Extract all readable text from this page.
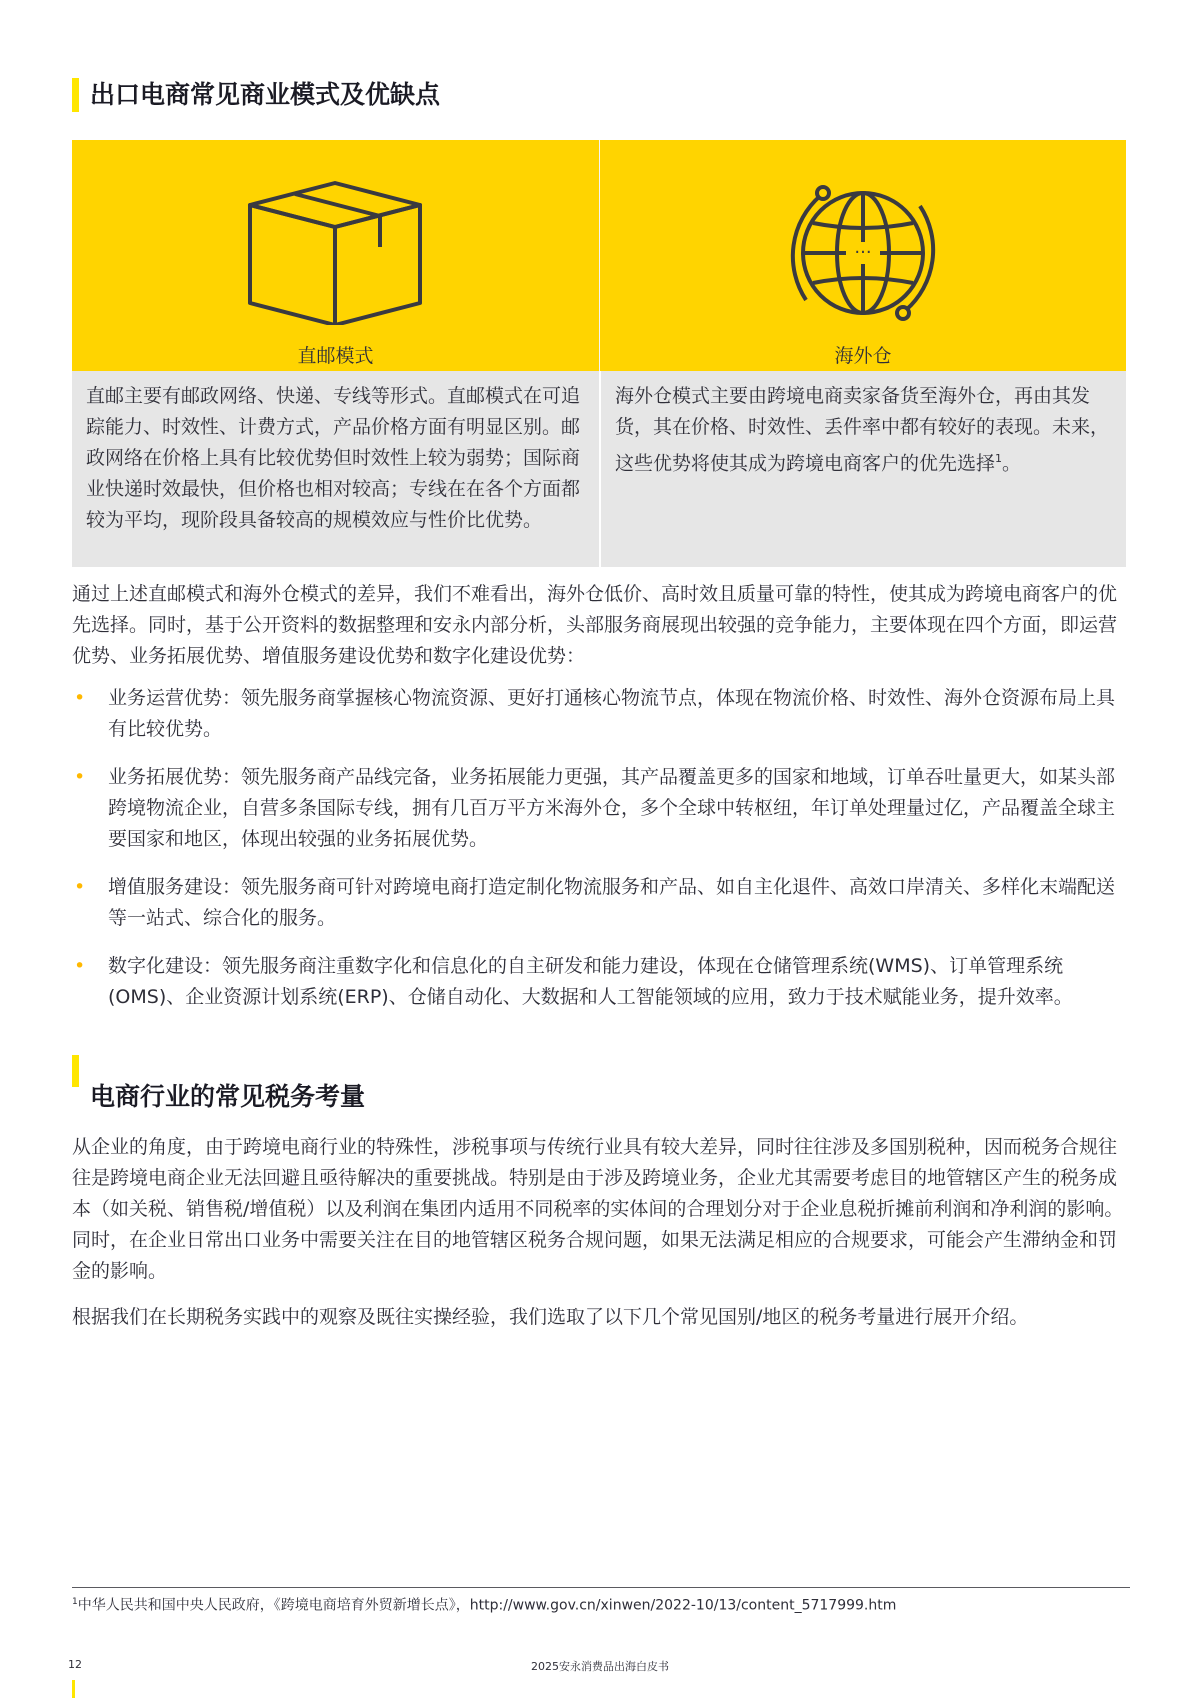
出口电商常见商业模式及优缺点
直邮模式
···
海外仓
直邮主要有邮政网络、快递、专线等形式。直邮模式在可追踪能力、时效性、计费方式，产品价格方面有明显区别。邮政网络在价格上具有比较优势但时效性上较为弱势；国际商业快递时效最快，但价格也相对较高；专线在在各个方面都较为平均，现阶段具备较高的规模效应与性价比优势。
海外仓模式主要由跨境电商卖家备货至海外仓，再由其发货，其在价格、时效性、丢件率中都有较好的表现。未来，这些优势将使其成为跨境电商客户的优先选择$^1$。

通过上述直邮模式和海外仓模式的差异，我们不难看出，海外仓低价、高时效且质量可靠的特性，使其成为跨境电商客户的优先选择。同时，基于公开资料的数据整理和安永内部分析，头部服务商展现出较强的竞争能力，主要体现在四个方面，即运营优势、业务拓展优势、增值服务建设优势和数字化建设优势：

• 业务运营优势：领先服务商掌握核心物流资源、更好打通核心物流节点，体现在物流价格、时效性、海外仓资源布局上具有比较优势。
• 业务拓展优势：领先服务商产品线完备，业务拓展能力更强，其产品覆盖更多的国家和地域，订单吞吐量更大，如某头部跨境物流企业，自营多条国际专线，拥有几百万平方米海外仓，多个全球中转枢纽，年订单处理量过亿，产品覆盖全球主要国家和地区，体现出较强的业务拓展优势。
• 增值服务建设：领先服务商可针对跨境电商打造定制化物流服务和产品、如自主化退件、高效口岸清关、多样化末端配送等一站式、综合化的服务。
• 数字化建设：领先服务商注重数字化和信息化的自主研发和能力建设，体现在仓储管理系统(WMS)、订单管理系统(OMS)、企业资源计划系统(ERP)、仓储自动化、大数据和人工智能领域的应用，致力于技术赋能业务，提升效率。
电商行业的常见税务考量

从企业的角度，由于跨境电商行业的特殊性，涉税事项与传统行业具有较大差异，同时往往涉及多国别税种，因而税务合规往往是跨境电商企业无法回避且亟待解决的重要挑战。特别是由于涉及跨境业务，企业尤其需要考虑目的地管辖区产生的税务成本（如关税、销售税/增值税）以及利润在集团内适用不同税率的实体间的合理划分对于企业息税折摊前利润和净利润的影响。同时，在企业日常出口业务中需要关注在目的地管辖区税务合规问题，如果无法满足相应的合规要求，可能会产生滞纳金和罚金的影响。

根据我们在长期税务实践中的观察及既往实操经验，我们选取了以下几个常见国别/地区的税务考量进行展开介绍。

$^1$中华人民共和国中央人民政府，《跨境电商培育外贸新增长点》，http://www.gov.cn/xinwen/2022-10/13/content_5717999.htm
12	2025安永消费品出海白皮书
